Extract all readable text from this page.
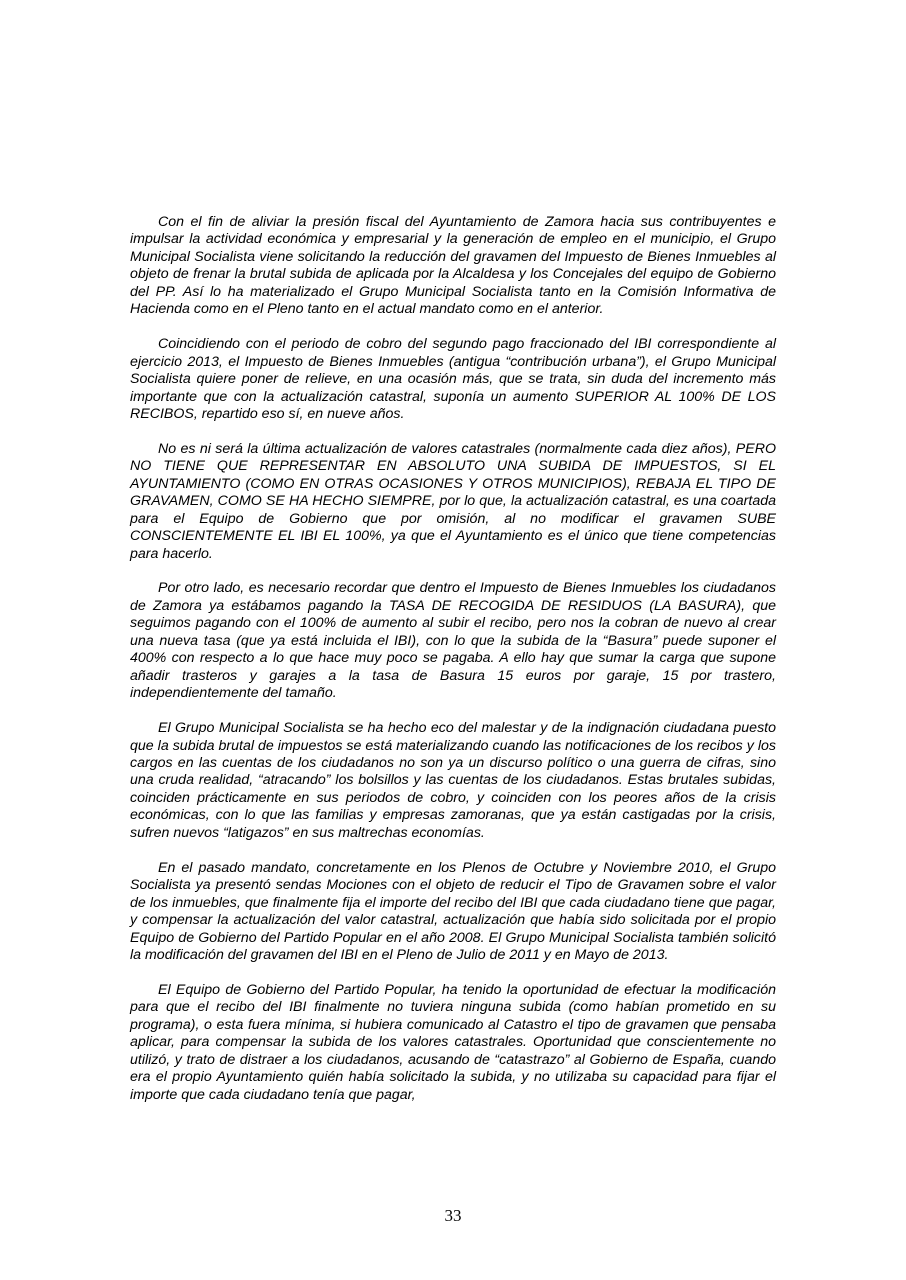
Con el fin de aliviar la presión fiscal del Ayuntamiento de Zamora hacia sus contribuyentes e impulsar la actividad económica y empresarial y la generación de empleo en el municipio, el Grupo Municipal Socialista viene solicitando la reducción del gravamen del Impuesto de Bienes Inmuebles al objeto de frenar la brutal subida de aplicada por la Alcaldesa y los Concejales del equipo de Gobierno del PP. Así lo ha materializado el Grupo Municipal Socialista tanto en la Comisión Informativa de Hacienda como en el Pleno tanto en el actual mandato como en el anterior.

Coincidiendo con el periodo de cobro del segundo pago fraccionado del IBI correspondiente al ejercicio 2013, el Impuesto de Bienes Inmuebles (antigua “contribución urbana”), el Grupo Municipal Socialista quiere poner de relieve, en una ocasión más, que se trata, sin duda del incremento más importante que con la actualización catastral, suponía un aumento SUPERIOR AL 100% DE LOS RECIBOS, repartido eso sí, en nueve años.

No es ni será la última actualización de valores catastrales (normalmente cada diez años), PERO NO TIENE QUE REPRESENTAR EN ABSOLUTO UNA SUBIDA DE IMPUESTOS, SI EL AYUNTAMIENTO (COMO EN OTRAS OCASIONES Y OTROS MUNICIPIOS), REBAJA EL TIPO DE GRAVAMEN, COMO SE HA HECHO SIEMPRE, por lo que, la actualización catastral, es una coartada para el Equipo de Gobierno que por omisión, al no modificar el gravamen SUBE CONSCIENTEMENTE EL IBI EL 100%, ya que el Ayuntamiento es el único que tiene competencias para hacerlo.

Por otro lado, es necesario recordar que dentro el Impuesto de Bienes Inmuebles los ciudadanos de Zamora ya estábamos pagando la TASA DE RECOGIDA DE RESIDUOS (LA BASURA), que seguimos pagando con el 100% de aumento al subir el recibo, pero nos la cobran de nuevo al crear una nueva tasa (que ya está incluida el IBI), con lo que la subida de la “Basura” puede suponer el 400% con respecto a lo que hace muy poco se pagaba. A ello hay que sumar la carga que supone añadir trasteros y garajes a la tasa de Basura 15 euros por garaje, 15 por trastero, independientemente del tamaño.

El Grupo Municipal Socialista se ha hecho eco del malestar y de la indignación ciudadana puesto que la subida brutal de impuestos se está materializando cuando las notificaciones de los recibos y los cargos en las cuentas de los ciudadanos no son ya un discurso político o una guerra de cifras, sino una cruda realidad, “atracando” los bolsillos y las cuentas de los ciudadanos. Estas brutales subidas, coinciden prácticamente en sus periodos de cobro, y coinciden con los peores años de la crisis económicas, con lo que las familias y empresas zamoranas, que ya están castigadas por la crisis, sufren nuevos “latigazos” en sus maltrechas economías.

En el pasado mandato, concretamente en los Plenos de Octubre y Noviembre 2010, el Grupo Socialista ya presentó sendas Mociones con el objeto de reducir el Tipo de Gravamen sobre el valor de los inmuebles, que finalmente fija el importe del recibo del IBI que cada ciudadano tiene que pagar, y compensar la actualización del valor catastral, actualización que había sido solicitada por el propio Equipo de Gobierno del Partido Popular en el año 2008. El Grupo Municipal Socialista también solicitó la modificación del gravamen del IBI en el Pleno de Julio de 2011 y en Mayo de 2013.

El Equipo de Gobierno del Partido Popular, ha tenido la oportunidad de efectuar la modificación para que el recibo del IBI finalmente no tuviera ninguna subida (como habían prometido en su programa), o esta fuera mínima, si hubiera comunicado al Catastro el tipo de gravamen que pensaba aplicar, para compensar la subida de los valores catastrales. Oportunidad que conscientemente no utilizó, y trato de distraer a los ciudadanos, acusando de “catastrazo” al Gobierno de España, cuando era el propio Ayuntamiento quién había solicitado la subida, y no utilizaba su capacidad para fijar el importe que cada ciudadano tenía que pagar,

33
